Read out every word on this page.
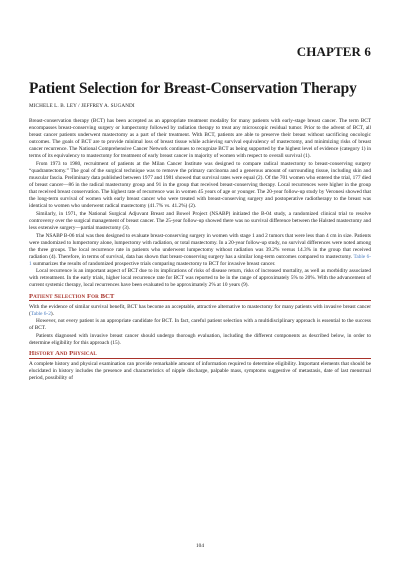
CHAPTER 6
Patient Selection for Breast-Conservation Therapy
MICHELE L. B. LEY / JEFFREY A. SUGANDI

Breast-conservation therapy (BCT) has been accepted as an appropriate treatment modality for many patients with early-stage breast cancer. The term BCT encompasses breast-conserving surgery or lumpectomy followed by radiation therapy to treat any microscopic residual tumor. Prior to the advent of BCT, all breast cancer patients underwent mastectomy as a part of their treatment. With BCT, patients are able to preserve their breast without sacrificing oncologic outcomes. The goals of BCT are to provide minimal loss of breast tissue while achieving survival equivalency of mastectomy, and minimizing risks of breast cancer recurrence. The National Comprehensive Cancer Network continues to recognize BCT as being supported by the highest level of evidence (category 1) in terms of its equivalency to mastectomy for treatment of early breast cancer in majority of women with respect to overall survival (1).

From 1973 to 1980, recruitment of patients at the Milan Cancer Institute was designed to compare radical mastectomy to breast-conserving surgery “quadrantectomy.” The goal of the surgical technique was to remove the primary carcinoma and a generous amount of surrounding tissue, including skin and muscular fascia. Preliminary data published between 1977 and 1981 showed that survival rates were equal (2). Of the 701 women who entered the trial, 177 died of breast cancer—86 in the radical mastectomy group and 91 in the group that received breast-conserving therapy. Local recurrences were higher in the group that received breast conservation. The highest rate of recurrence was in women 45 years of age or younger. The 20-year follow-up study by Veronesi showed that the long-term survival of women with early breast cancer who were treated with breast-conserving surgery and postoperative radiotherapy to the breast was identical to women who underwent radical mastectomy (41.7% vs. 41.2%) (2).

Similarly, in 1971, the National Surgical Adjuvant Breast and Bowel Project (NSABP) initiated the B-04 study, a randomized clinical trial to resolve controversy over the surgical management of breast cancer. The 25-year follow-up showed there was no survival difference between the Halsted mastectomy and less extensive surgery—partial mastectomy (3).

The NSABP B-06 trial was then designed to evaluate breast-conserving surgery in women with stage 1 and 2 tumors that were less than 4 cm in size. Patients were randomized to lumpectomy alone, lumpectomy with radiation, or total mastectomy. In a 20-year follow-up study, no survival differences were noted among the three groups. The local recurrence rate in patients who underwent lumpectomy without radiation was 39.2% versus 14.3% in the group that received radiation (4). Therefore, in terms of survival, data has shown that breast-conserving surgery has a similar long-term outcomes compared to mastectomy. Table 6-1 summarizes the results of randomized prospective trials comparing mastectomy to BCT for invasive breast cancer.

Local recurrence is an important aspect of BCT due to its implications of risks of disease return, risks of increased mortality, as well as morbidity associated with retreatment. In the early trials, higher local recurrence rate for BCT was reported to be in the range of approximately 5% to 20%. With the advancement of current systemic therapy, local recurrences have been evaluated to be approximately 2% at 10 years (9).

Patient Selection For BCT

With the evidence of similar survival benefit, BCT has become an acceptable, attractive alternative to mastectomy for many patients with invasive breast cancer (Table 6-2).

However, not every patient is an appropriate candidate for BCT. In fact, careful patient selection with a multidisciplinary approach is essential to the success of BCT.

Patients diagnosed with invasive breast cancer should undergo thorough evaluation, including the different components as described below, in order to determine eligibility for this approach (15).

History And Physical

A complete history and physical examination can provide remarkable amount of information required to determine eligibility. Important elements that should be elucidated in history includes the presence and characteristics of nipple discharge, palpable mass, symptoms suggestive of metastasis, date of last menstrual period, possibility of

104
